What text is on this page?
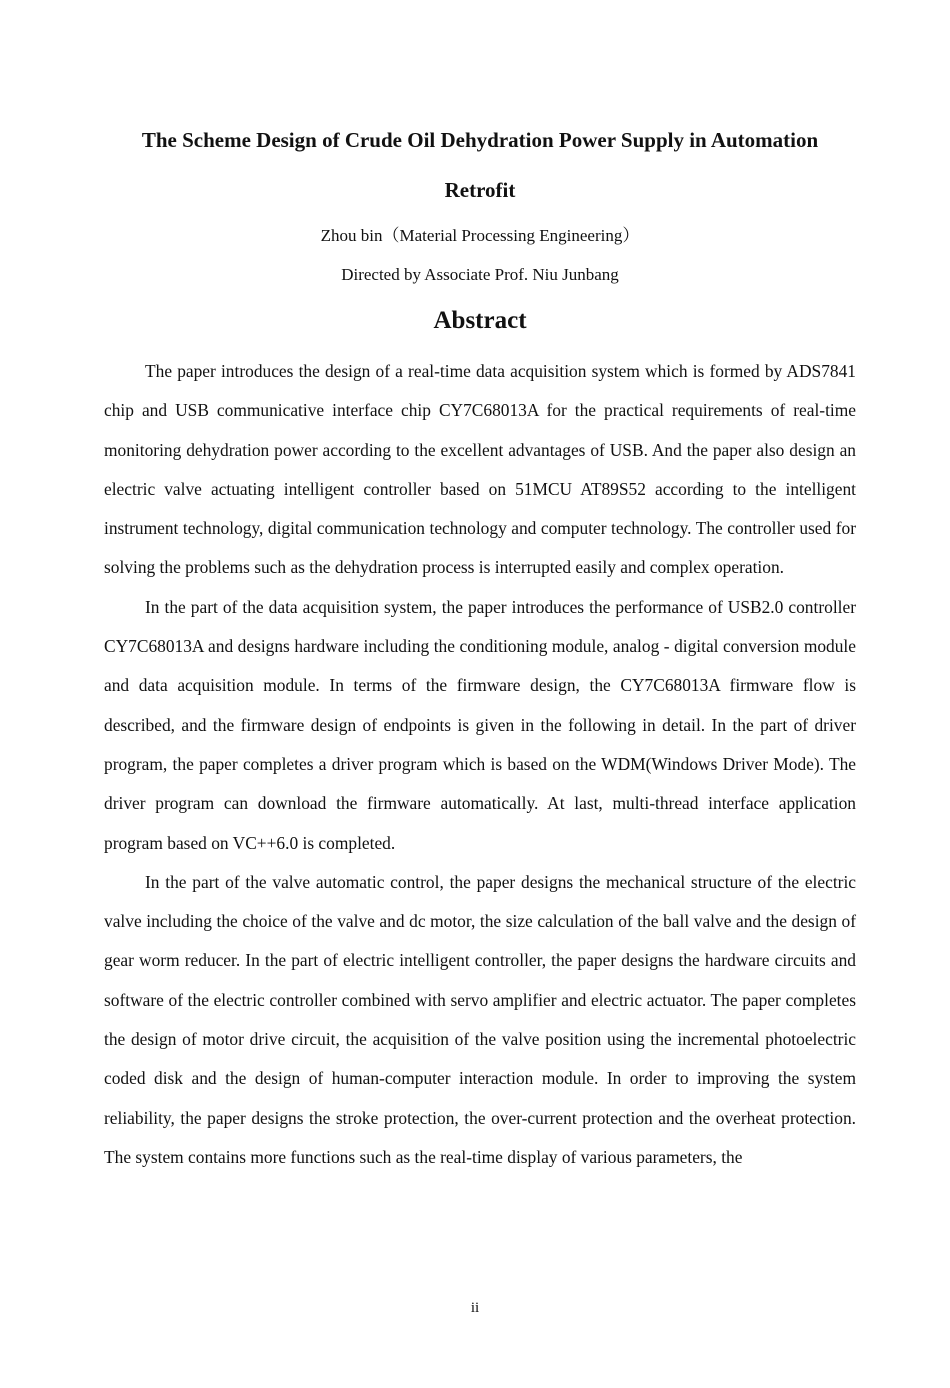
The Scheme Design of Crude Oil Dehydration Power Supply in Automation
Retrofit
Zhou bin（Material Processing Engineering）
Directed by Associate Prof. Niu Junbang
Abstract

The paper introduces the design of a real-time data acquisition system which is formed by ADS7841 chip and USB communicative interface chip CY7C68013A for the practical requirements of real-time monitoring dehydration power according to the excellent advantages of USB. And the paper also design an electric valve actuating intelligent controller based on 51MCU AT89S52 according to the intelligent instrument technology, digital communication technology and computer technology. The controller used for solving the problems such as the dehydration process is interrupted easily and complex operation.

In the part of the data acquisition system, the paper introduces the performance of USB2.0 controller CY7C68013A and designs hardware including the conditioning module, analog - digital conversion module and data acquisition module. In terms of the firmware design, the CY7C68013A firmware flow is described, and the firmware design of endpoints is given in the following in detail. In the part of driver program, the paper completes a driver program which is based on the WDM(Windows Driver Mode). The driver program can download the firmware automatically. At last, multi-thread interface application program based on VC++6.0 is completed.

In the part of the valve automatic control, the paper designs the mechanical structure of the electric valve including the choice of the valve and dc motor, the size calculation of the ball valve and the design of gear worm reducer. In the part of electric intelligent controller, the paper designs the hardware circuits and software of the electric controller combined with servo amplifier and electric actuator. The paper completes the design of motor drive circuit, the acquisition of the valve position using the incremental photoelectric coded disk and the design of human-computer interaction module. In order to improving the system reliability, the paper designs the stroke protection, the over-current protection and the overheat protection. The system contains more functions such as the real-time display of various parameters, the

ii
